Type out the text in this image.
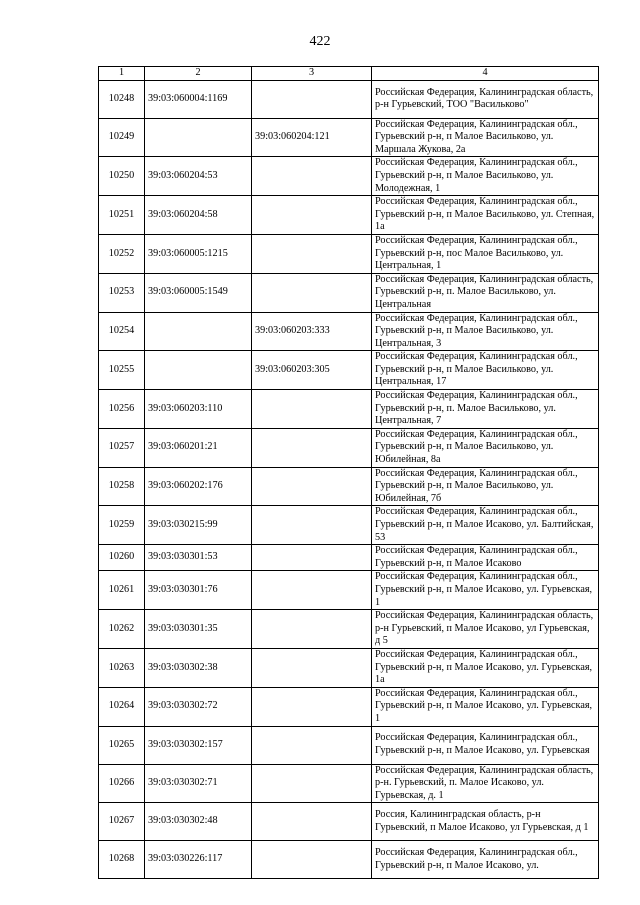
422
1	2	3	4
10248	39:03:060004:1169		Российская Федерация, Калининградская область, р-н Гурьевский, ТОО "Васильково"
10249		39:03:060204:121	Российская Федерация, Калининградская обл., Гурьевский р-н, п Малое Васильково, ул. Маршала Жукова, 2а
10250	39:03:060204:53		Российская Федерация, Калининградская обл., Гурьевский р-н, п Малое Васильково, ул. Молодежная, 1
10251	39:03:060204:58		Российская Федерация, Калининградская обл., Гурьевский р-н, п Малое Васильково, ул. Степная, 1а
10252	39:03:060005:1215		Российская Федерация, Калининградская обл., Гурьевский р-н, пос Малое Васильково, ул. Центральная, 1
10253	39:03:060005:1549		Российская Федерация, Калининградская область, Гурьевский р-н, п. Малое Васильково, ул. Центральная
10254		39:03:060203:333	Российская Федерация, Калининградская обл., Гурьевский р-н, п Малое Васильково, ул. Центральная, 3
10255		39:03:060203:305	Российская Федерация, Калининградская обл., Гурьевский р-н, п Малое Васильково, ул. Центральная, 17
10256	39:03:060203:110		Российская Федерация, Калининградская обл., Гурьевский р-н, п. Малое Васильково, ул. Центральная, 7
10257	39:03:060201:21		Российская Федерация, Калининградская обл., Гурьевский р-н, п Малое Васильково, ул. Юбилейная, 8а
10258	39:03:060202:176		Российская Федерация, Калининградская обл., Гурьевский р-н, п Малое Васильково, ул. Юбилейная, 7б
10259	39:03:030215:99		Российская Федерация, Калининградская обл., Гурьевский р-н, п Малое Исаково, ул. Балтийская, 53
10260	39:03:030301:53		Российская Федерация, Калининградская обл., Гурьевский р-н, п Малое Исаково
10261	39:03:030301:76		Российская Федерация, Калининградская обл., Гурьевский р-н, п Малое Исаково, ул. Гурьевская, 1
10262	39:03:030301:35		Российская Федерация, Калининградская область, р-н Гурьевский, п Малое Исаково, ул Гурьевская, д 5
10263	39:03:030302:38		Российская Федерация, Калининградская обл., Гурьевский р-н, п Малое Исаково, ул. Гурьевская, 1а
10264	39:03:030302:72		Российская Федерация, Калининградская обл., Гурьевский р-н, п Малое Исаково, ул. Гурьевская, 1
10265	39:03:030302:157		Российская Федерация, Калининградская обл., Гурьевский р-н, п Малое Исаково, ул. Гурьевская
10266	39:03:030302:71		Российская Федерация, Калининградская область, р-н. Гурьевский, п. Малое Исаково, ул. Гурьевская, д. 1
10267	39:03:030302:48		Россия, Калининградская область, р-н Гурьевский, п Малое Исаково, ул Гурьевская, д 1
10268	39:03:030226:117		Российская Федерация, Калининградская обл., Гурьевский р-н, п Малое Исаково, ул.
